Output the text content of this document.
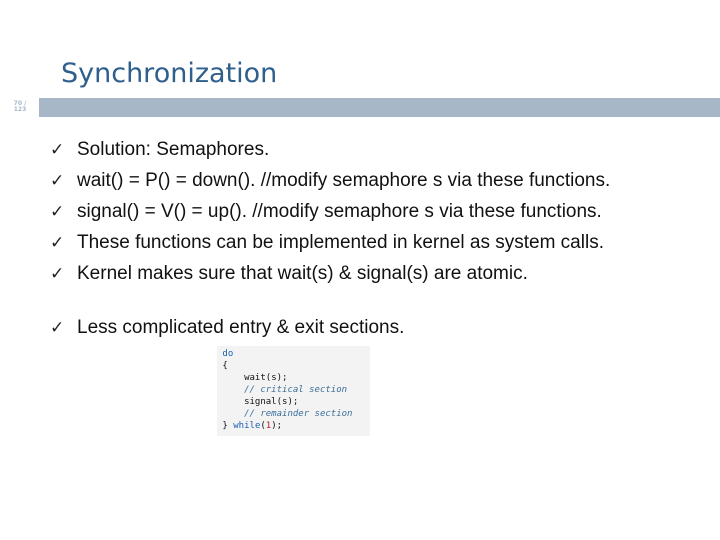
Synchronization
70 /
123
✓ Solution: Semaphores.
✓ wait() = P() = down(). //modify semaphore s via these functions.
✓ signal() = V() = up(). //modify semaphore s via these functions.
✓ These functions can be implemented in kernel as system calls.
✓ Kernel makes sure that wait(s) & signal(s) are atomic.
✓ Less complicated entry & exit sections.
do
{
wait(s);
// critical section
signal(s);
// remainder section
} while(1);
